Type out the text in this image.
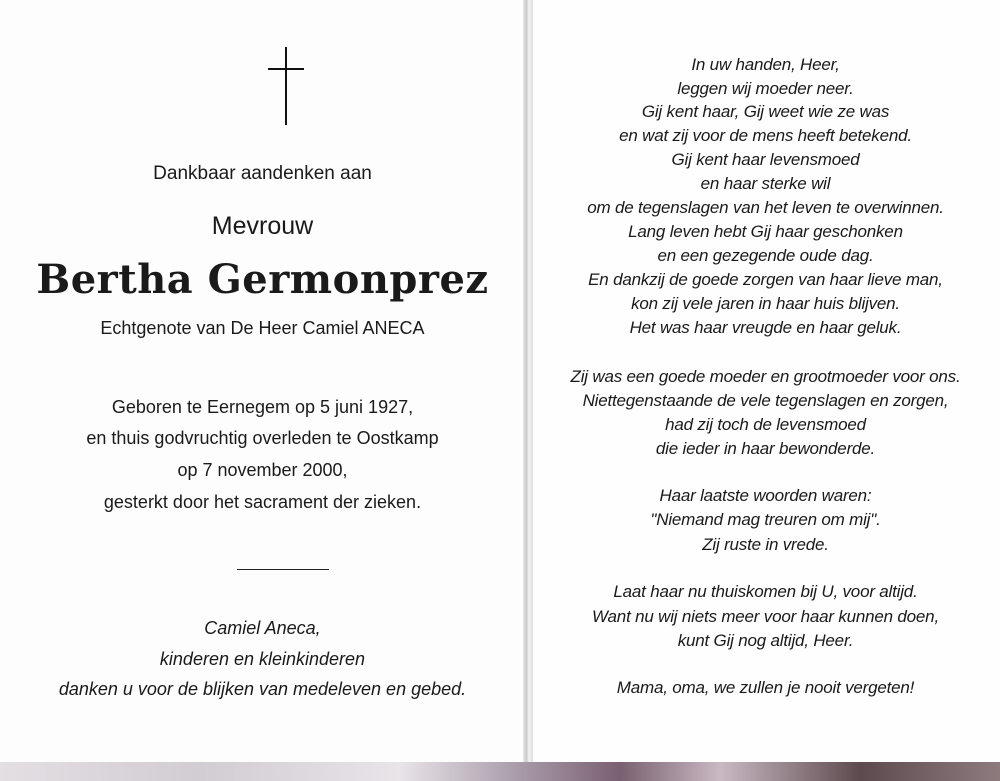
Dankbaar aandenken aan
Mevrouw
Bertha Germonprez
Echtgenote van De Heer Camiel ANECA
Geboren te Eernegem op 5 juni 1927,
en thuis godvruchtig overleden te Oostkamp
op 7 november 2000,
gesterkt door het sacrament der zieken.
Camiel Aneca,
kinderen en kleinkinderen
danken u voor de blijken van medeleven en gebed.
In uw handen, Heer,
leggen wij moeder neer.
Gij kent haar, Gij weet wie ze was
en wat zij voor de mens heeft betekend.
Gij kent haar levensmoed
en haar sterke wil
om de tegenslagen van het leven te overwinnen.
Lang leven hebt Gij haar geschonken
en een gezegende oude dag.
En dankzij de goede zorgen van haar lieve man,
kon zij vele jaren in haar huis blijven.
Het was haar vreugde en haar geluk.
Zij was een goede moeder en grootmoeder voor ons.
Niettegenstaande de vele tegenslagen en zorgen,
had zij toch de levensmoed
die ieder in haar bewonderde.
Haar laatste woorden waren:
"Niemand mag treuren om mij".
Zij ruste in vrede.
Laat haar nu thuiskomen bij U, voor altijd.
Want nu wij niets meer voor haar kunnen doen,
kunt Gij nog altijd, Heer.
Mama, oma, we zullen je nooit vergeten!
